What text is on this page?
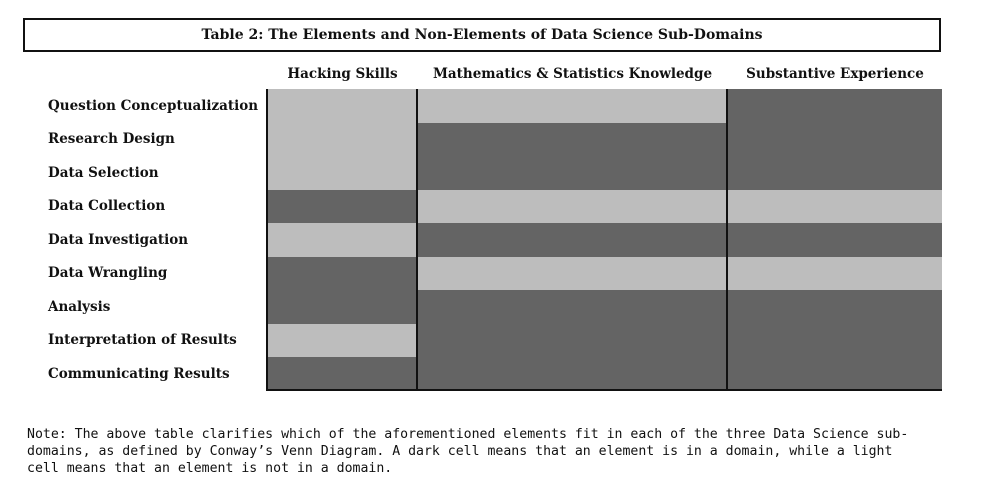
Table 2: The Elements and Non-Elements of Data Science Sub-Domains
Hacking Skills	Mathematics & Statistics Knowledge	Substantive Experience
Question Conceptualization
Research Design
Data Selection
Data Collection
Data Investigation
Data Wrangling
Analysis
Interpretation of Results
Communicating Results
Note: The above table clarifies which of the aforementioned elements fit in each of the three Data Science sub-
domains, as defined by Conway’s Venn Diagram. A dark cell means that an element is in a domain, while a light
cell means that an element is not in a domain.
